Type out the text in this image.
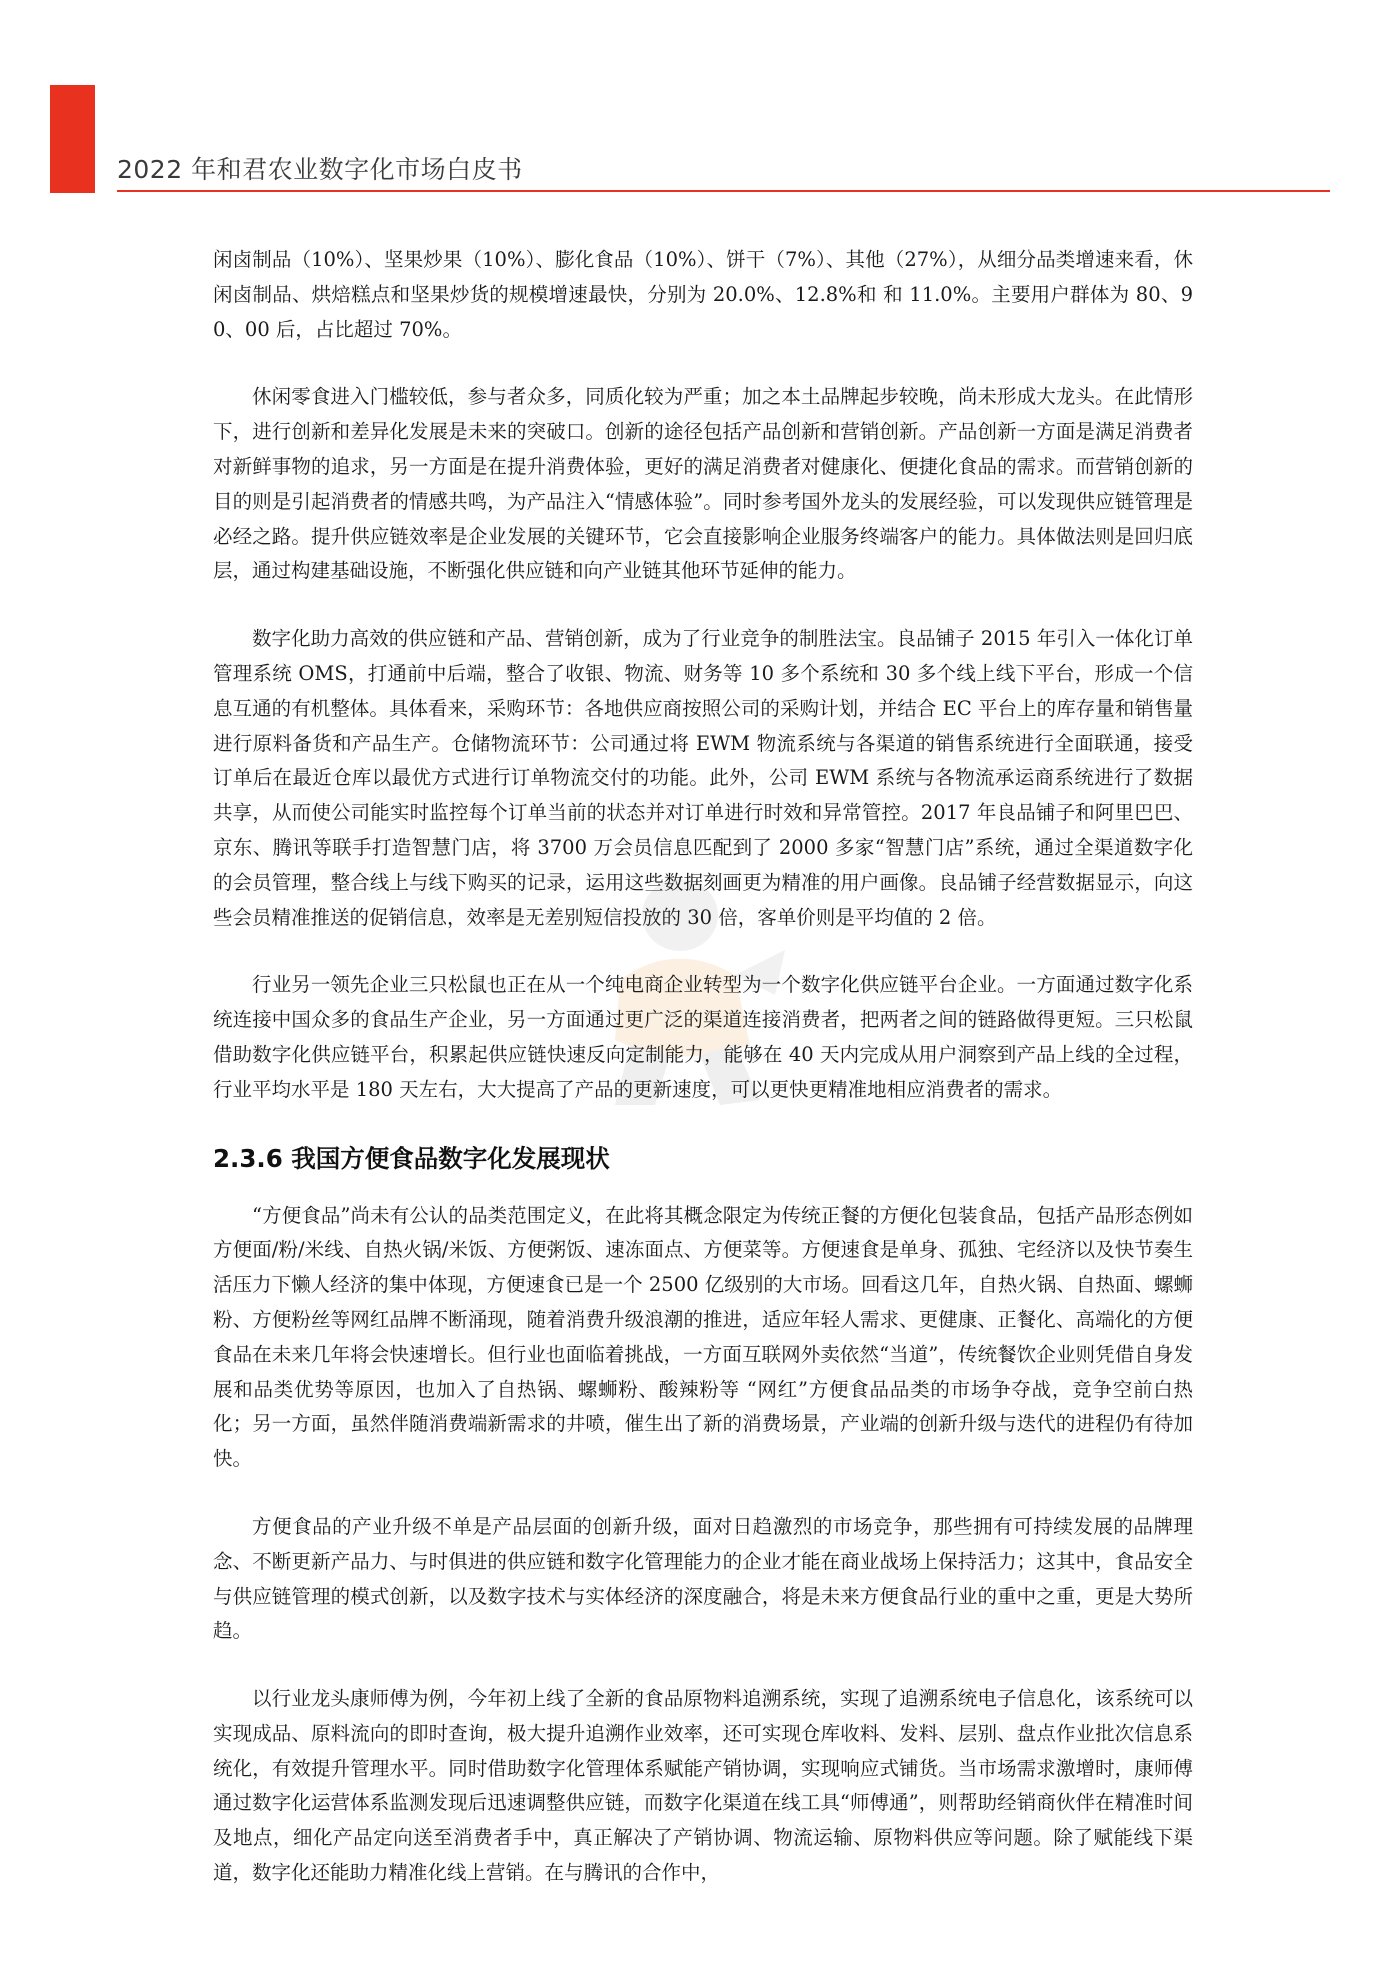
2022 年和君农业数字化市场白皮书

闲卤制品（10%）、坚果炒果（10%）、膨化食品（10%）、饼干（7%）、其他（27%），从细分品类增速来看，休闲卤制品、烘焙糕点和坚果炒货的规模增速最快，分别为 20.0%、12.8%和 和 11.0%。主要用户群体为 80、90、00 后，占比超过 70%。

休闲零食进入门槛较低，参与者众多，同质化较为严重；加之本土品牌起步较晚，尚未形成大龙头。在此情形下，进行创新和差异化发展是未来的突破口。创新的途径包括产品创新和营销创新。产品创新一方面是满足消费者对新鲜事物的追求，另一方面是在提升消费体验，更好的满足消费者对健康化、便捷化食品的需求。而营销创新的目的则是引起消费者的情感共鸣，为产品注入“情感体验”。同时参考国外龙头的发展经验，可以发现供应链管理是必经之路。提升供应链效率是企业发展的关键环节，它会直接影响企业服务终端客户的能力。具体做法则是回归底层，通过构建基础设施，不断强化供应链和向产业链其他环节延伸的能力。

数字化助力高效的供应链和产品、营销创新，成为了行业竞争的制胜法宝。良品铺子 2015 年引入一体化订单管理系统 OMS，打通前中后端，整合了收银、物流、财务等 10 多个系统和 30 多个线上线下平台，形成一个信息互通的有机整体。具体看来，采购环节：各地供应商按照公司的采购计划，并结合 EC 平台上的库存量和销售量进行原料备货和产品生产。仓储物流环节：公司通过将 EWM 物流系统与各渠道的销售系统进行全面联通，接受订单后在最近仓库以最优方式进行订单物流交付的功能。此外，公司 EWM 系统与各物流承运商系统进行了数据共享，从而使公司能实时监控每个订单当前的状态并对订单进行时效和异常管控。2017 年良品铺子和阿里巴巴、京东、腾讯等联手打造智慧门店，将 3700 万会员信息匹配到了 2000 多家“智慧门店”系统，通过全渠道数字化的会员管理，整合线上与线下购买的记录，运用这些数据刻画更为精准的用户画像。良品铺子经营数据显示，向这些会员精准推送的促销信息，效率是无差别短信投放的 30 倍，客单价则是平均值的 2 倍。

行业另一领先企业三只松鼠也正在从一个纯电商企业转型为一个数字化供应链平台企业。一方面通过数字化系统连接中国众多的食品生产企业，另一方面通过更广泛的渠道连接消费者，把两者之间的链路做得更短。三只松鼠借助数字化供应链平台，积累起供应链快速反向定制能力，能够在 40 天内完成从用户洞察到产品上线的全过程，行业平均水平是 180 天左右，大大提高了产品的更新速度，可以更快更精准地相应消费者的需求。

2.3.6 我国方便食品数字化发展现状

“方便食品”尚未有公认的品类范围定义，在此将其概念限定为传统正餐的方便化包装食品，包括产品形态例如方便面/粉/米线、自热火锅/米饭、方便粥饭、速冻面点、方便菜等。方便速食是单身、孤独、宅经济以及快节奏生活压力下懒人经济的集中体现，方便速食已是一个 2500 亿级别的大市场。回看这几年，自热火锅、自热面、螺蛳粉、方便粉丝等网红品牌不断涌现，随着消费升级浪潮的推进，适应年轻人需求、更健康、正餐化、高端化的方便食品在未来几年将会快速增长。但行业也面临着挑战，一方面互联网外卖依然“当道”，传统餐饮企业则凭借自身发展和品类优势等原因，也加入了自热锅、螺蛳粉、酸辣粉等 “网红”方便食品品类的市场争夺战，竞争空前白热化；另一方面，虽然伴随消费端新需求的井喷，催生出了新的消费场景，产业端的创新升级与迭代的进程仍有待加快。

方便食品的产业升级不单是产品层面的创新升级，面对日趋激烈的市场竞争，那些拥有可持续发展的品牌理念、不断更新产品力、与时俱进的供应链和数字化管理能力的企业才能在商业战场上保持活力；这其中，食品安全与供应链管理的模式创新，以及数字技术与实体经济的深度融合，将是未来方便食品行业的重中之重，更是大势所趋。

以行业龙头康师傅为例，今年初上线了全新的食品原物料追溯系统，实现了追溯系统电子信息化，该系统可以实现成品、原料流向的即时查询，极大提升追溯作业效率，还可实现仓库收料、发料、层别、盘点作业批次信息系统化，有效提升管理水平。同时借助数字化管理体系赋能产销协调，实现响应式铺货。当市场需求激增时，康师傅通过数字化运营体系监测发现后迅速调整供应链，而数字化渠道在线工具“师傅通”，则帮助经销商伙伴在精准时间及地点，细化产品定向送至消费者手中，真正解决了产销协调、物流运输、原物料供应等问题。除了赋能线下渠道，数字化还能助力精准化线上营销。在与腾讯的合作中，
